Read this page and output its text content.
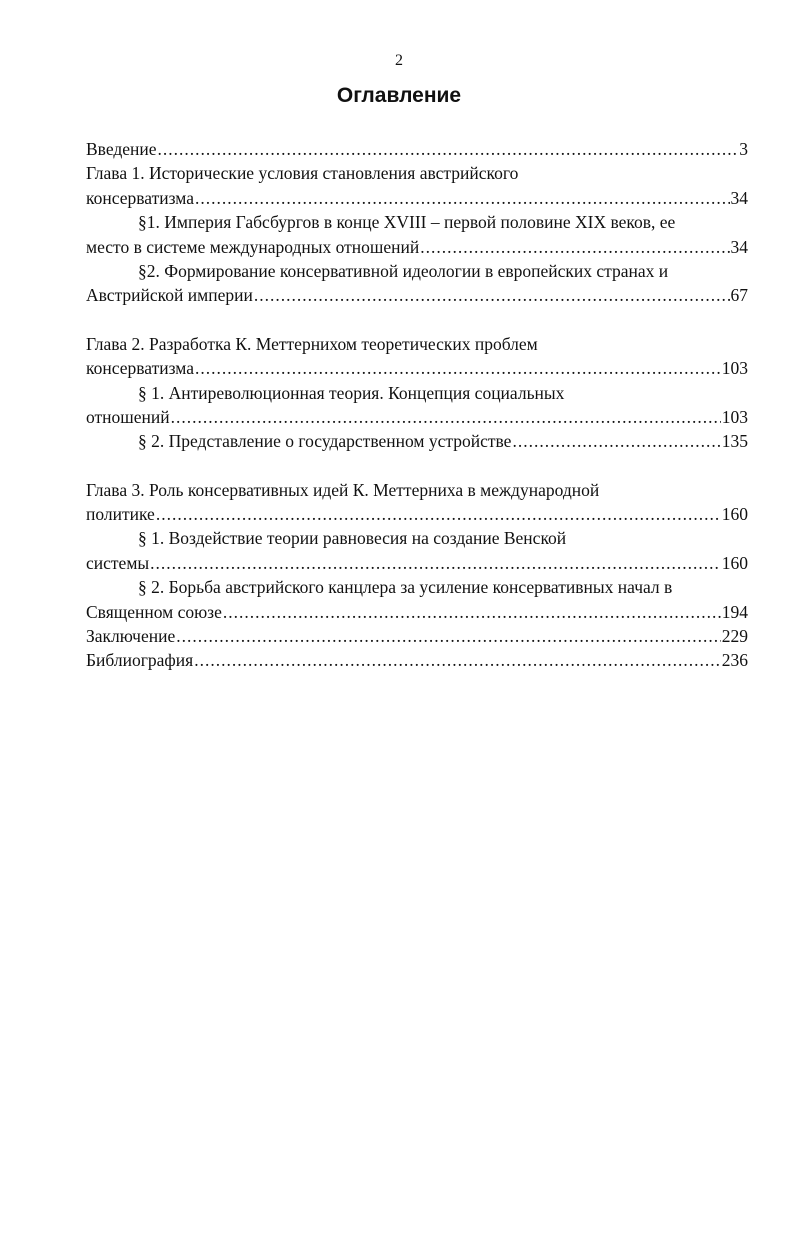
2
Оглавление
Введение .....	3
Глава 1. Исторические условия становления австрийского
консерватизма .....	34
§1. Империя Габсбургов в конце XVIII – первой половине XIX веков, ее
место в системе международных отношений .....	34
§2. Формирование консервативной идеологии в европейских странах и
Австрийской империи .....	67
Глава 2. Разработка К. Меттернихом теоретических проблем
консерватизма .....	103
§ 1. Антиреволюционная теория. Концепция социальных
отношений .....	103
§ 2. Представление о государственном устройстве .....	135
Глава 3. Роль консервативных идей К. Меттерниха в международной
политике .....	160
§ 1. Воздействие теории равновесия на создание Венской
системы .....	160
§ 2. Борьба австрийского канцлера за усиление консервативных начал в
Священном союзе .....	194
Заключение .....	229
Библиография .....	236
